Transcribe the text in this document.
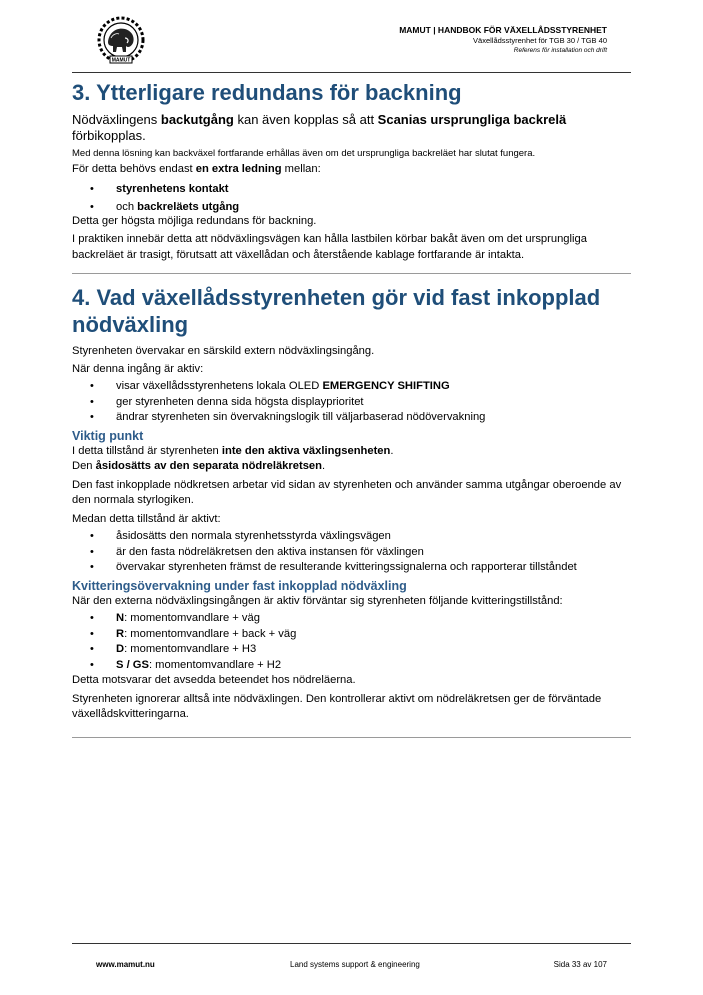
MAMUT
MAMUT | HANDBOK FÖR VÄXELLÅDSSTYRENHET
Växellådsstyrenhet för TGB 30 / TGB 40
Referens för installation och drift
3. Ytterligare redundans för backning

Nödväxlingens backutgång kan även kopplas så att Scanias ursprungliga backrelä förbikopplas.

Med denna lösning kan backväxel fortfarande erhållas även om det ursprungliga backreläet har slutat fungera.

För detta behövs endast en extra ledning mellan:

• styrenhetens kontakt
• och backreläets utgång

Detta ger högsta möjliga redundans för backning.

I praktiken innebär detta att nödväxlingsvägen kan hålla lastbilen körbar bakåt även om det ursprungliga backreläet är trasigt, förutsatt att växellådan och återstående kablage fortfarande är intakta.

4. Vad växellådsstyrenheten gör vid fast inkopplad nödväxling

Styrenheten övervakar en särskild extern nödväxlingsingång.

När denna ingång är aktiv:

• visar växellådsstyrenhetens lokala OLED EMERGENCY SHIFTING
• ger styrenheten denna sida högsta displayprioritet
• ändrar styrenheten sin övervakningslogik till väljarbaserad nödövervakning
Viktig punkt

I detta tillstånd är styrenheten inte den aktiva växlingsenheten.

Den åsidosätts av den separata nödreläkretsen.

Den fast inkopplade nödkretsen arbetar vid sidan av styrenheten och använder samma utgångar oberoende av den normala styrlogiken.

Medan detta tillstånd är aktivt:

• åsidosätts den normala styrenhetsstyrda växlingsvägen
• är den fasta nödreläkretsen den aktiva instansen för växlingen
• övervakar styrenheten främst de resulterande kvitteringssignalerna och rapporterar tillståndet
Kvitteringsövervakning under fast inkopplad nödväxling

När den externa nödväxlingsingången är aktiv förväntar sig styrenheten följande kvitteringstillstånd:

• N: momentomvandlare + väg
• R: momentomvandlare + back + väg
• D: momentomvandlare + H3
• S / GS: momentomvandlare + H2

Detta motsvarar det avsedda beteendet hos nödreläerna.

Styrenheten ignorerar alltså inte nödväxlingen. Den kontrollerar aktivt om nödreläkretsen ger de förväntade växellådskvitteringarna.

www.mamut.nu	Land systems support & engineering	Sida 33 av 107
